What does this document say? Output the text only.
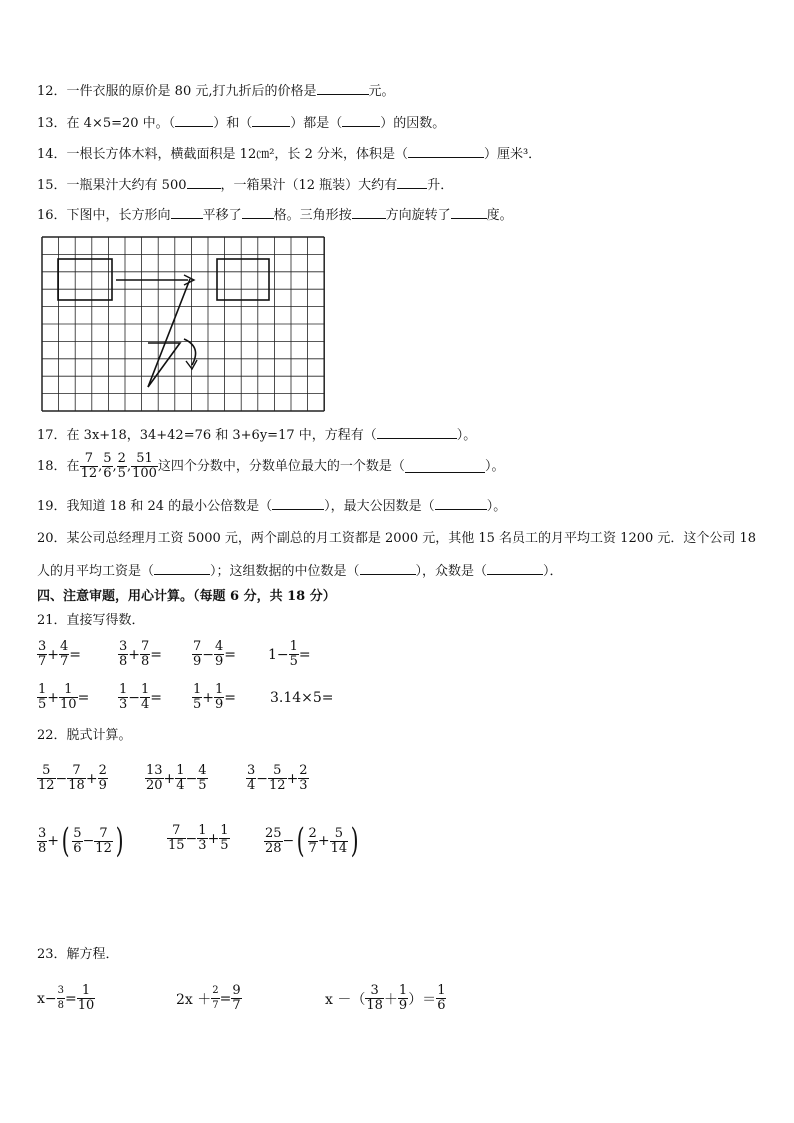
12．一件衣服的原价是 80 元,打九折后的价格是	元。
13．在 4×5=20 中。（	）和（	）都是（	）的因数。
14．一根长方体木料，横截面积是 12㎝²，长 2 分米，体积是（	）厘米³．
15．一瓶果汁大约有 500	，一箱果汁（12 瓶装）大约有 升．
16．下图中，长方形向 平移了 格。三角形按	方向旋转了	度。
17．在 3x+18，34+42=76 和 3+6y=17 中，方程有（	）。
18． 在 $\frac{7}{12}$ , $\frac{5}{6}$ , $\frac{2}{5}$ , $\frac{51}{100}$ 这四个分数中，分数单位最大的一个数是（	）。
19．我知道 18 和 24 的最小公倍数是（	），最大公因数是（	）。
20．某公司总经理月工资 5000 元，两个副总的月工资都是 2000 元，其他 15 名员工的月平均工资 1200 元．这个公司 18
人的月平均工资是（	）；这组数据的中位数是（	），众数是（	）．
四、注意审题，用心计算。（每题 6 分，共 18 分）
21．直接写得数．
$\frac{3}{7} + \frac{4}{7}$ =	$\frac{3}{8} + \frac{7}{8} = \frac{7}{9} - \frac{4}{9} = 1- \frac{1}{5}$ =
$\frac{1}{5} + \frac{1}{10} = \frac{1}{3} - \frac{1}{4} = \frac{1}{5} + \frac{1}{9} = 3.14\times 5=$
22．脱式计算。
$\frac{5}{12} - \frac{7}{18} + \frac{2}{9}$	$\frac{13}{20} + \frac{1}{4} - \frac{4}{5}$	$\frac{3}{4} - \frac{5}{12} + \frac{2}{3}$
$\frac{3}{8}$ + ( $\frac{5}{6} - \frac{7}{12}$ )	$\frac{7}{15} - \frac{1}{3} + \frac{1}{5}$	$\frac{25}{28}$ − ( $\frac{2}{7} + \frac{5}{14}$ )
23．解方程．
$x- \frac{3}{8} = \frac{1}{10}$	$2x + \frac{2}{7} = \frac{9}{7}$	x －（ $\frac{3}{18} + \frac{1}{9}$ ）＝ $\frac{1}{6}$
